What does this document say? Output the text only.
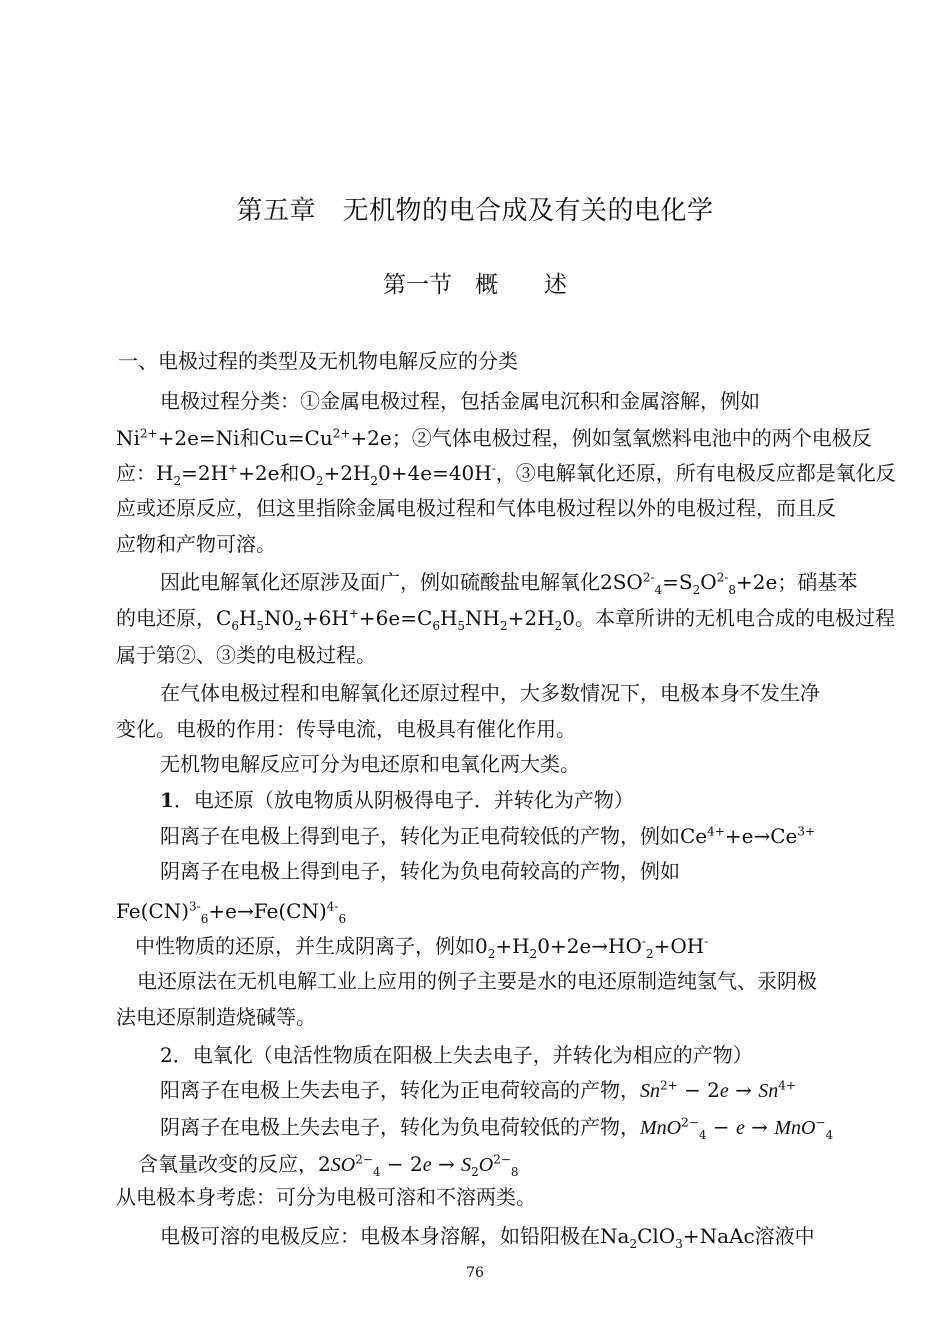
第五章　无机物的电合成及有关的电化学
第一节　概　　述
一、电极过程的类型及无机物电解反应的分类
电极过程分类：①金属电极过程，包括金属电沉积和金属溶解，例如
$Ni^{2+}+2e=Ni$和$Cu=Cu^{2+}+2e$；②气体电极过程，例如氢氧燃料电池中的两个电极反
应：$H_2=2H^++2e$和$O_2+2H_20+4e=40H^-$，③电解氧化还原，所有电极反应都是氧化反
应或还原反应，但这里指除金属电极过程和气体电极过程以外的电极过程，而且反
应物和产物可溶。
因此电解氧化还原涉及面广，例如硫酸盐电解氧化$2SO^{2-}_4=S_2O^{2-}_8+2e$；硝基苯
的电还原，$C_6H_5N0_2+6H^++6e=C_6H_5NH_2+2H_20$。本章所讲的无机电合成的电极过程
属于第②、③类的电极过程。
在气体电极过程和电解氧化还原过程中，大多数情况下，电极本身不发生净
变化。电极的作用：传导电流，电极具有催化作用。
无机物电解反应可分为电还原和电氧化两大类。
1．电还原（放电物质从阴极得电子．并转化为产物）
阳离子在电极上得到电子，转化为正电荷较低的产物，例如$Ce^{4+}+e\to Ce^{3+}$
阴离子在电极上得到电子，转化为负电荷较高的产物，例如
Fe(CN)$^{3-}_6$+e→Fe(CN)$^{4-}_6$
中性物质的还原，并生成阴离子，例如$0_2+H_20+2e\to HO^-_2+OH^-$
电还原法在无机电解工业上应用的例子主要是水的电还原制造纯氢气、汞阴极
法电还原制造烧碱等。
2．电氧化（电活性物质在阳极上失去电子，并转化为相应的产物）
阳离子在电极上失去电子，转化为正电荷较高的产物，$Sn^{2+} - 2e \to Sn^{4+}$
阴离子在电极上失去电子，转化为负电荷较低的产物，MnO$^{2-}_4$ − e → MnO−$_4$
含氧量改变的反应，$2SO^{2-}_4 - 2e \to S_2O^{2-}_8$
从电极本身考虑：可分为电极可溶和不溶两类。
电极可溶的电极反应：电极本身溶解，如铅阳极在$Na_2ClO_3+NaAc$溶液中
76
